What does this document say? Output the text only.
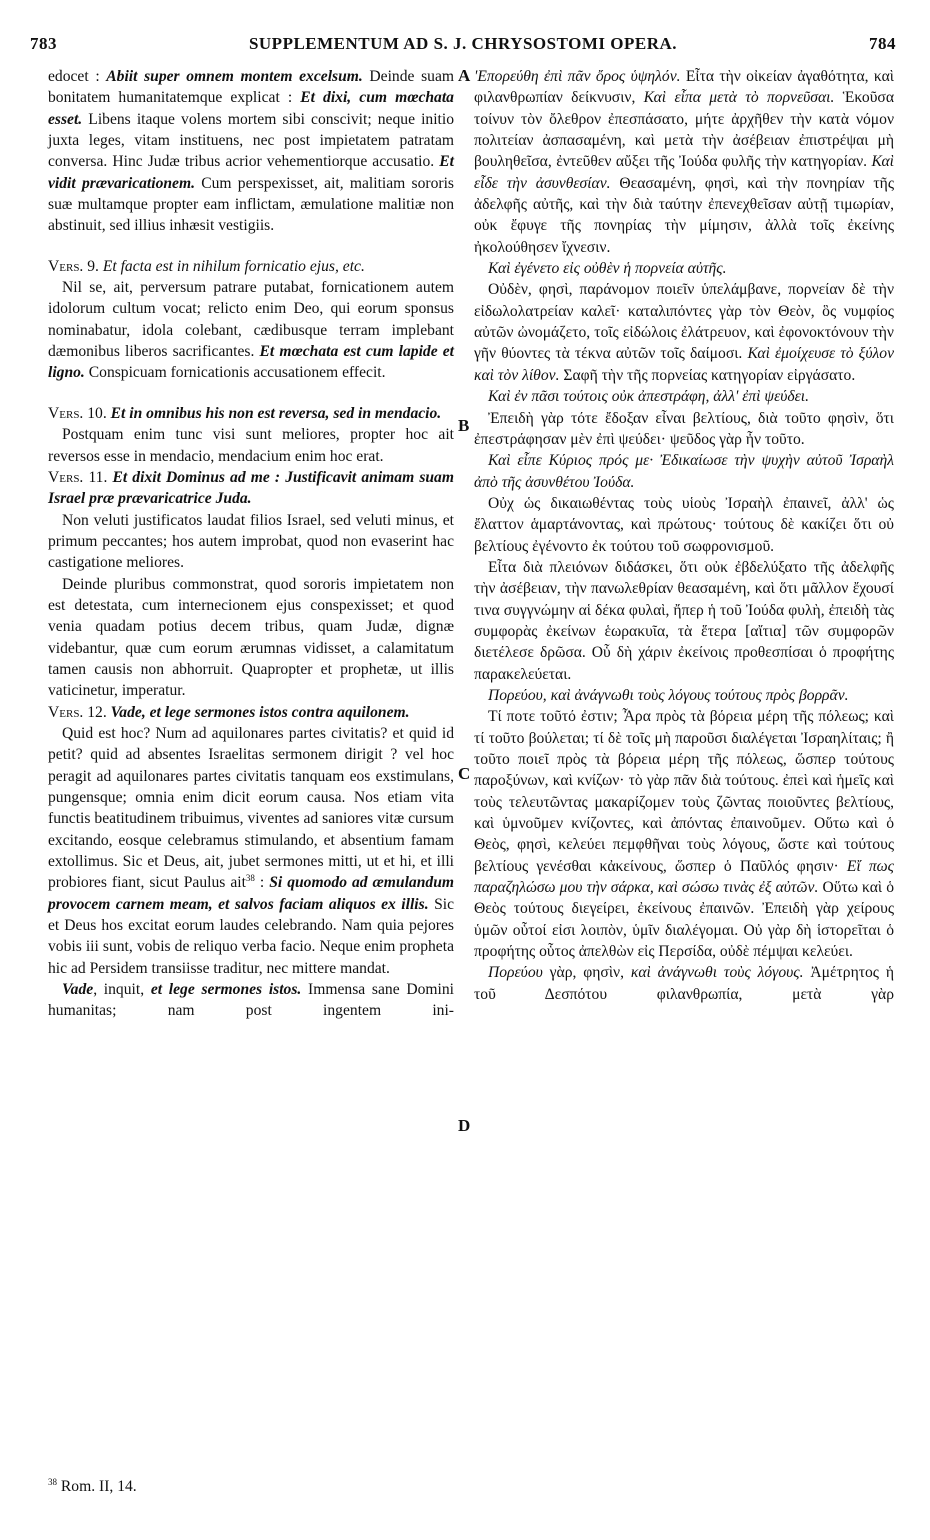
783	SUPPLEMENTUM AD S. J. CHRYSOSTOMI OPERA.	784
A
B
C
D

edocet : Abiit super omnem montem excelsum. Deinde suam bonitatem humanitatemque explicat : Et dixi, cum mœchata esset. Libens itaque volens mortem sibi conscivit; neque initio juxta leges, vitam instituens, nec post impietatem patratam conversa. Hinc Judæ tribus acrior vehementiorque accusatio. Et vidit prævaricationem. Cum perspexisset, ait, malitiam sororis suæ multamque propter eam inflictam, æmulatione malitiæ non abstinuit, sed illius inhæsit vestigiis.

Vers. 9. Et facta est in nihilum fornicatio ejus, etc.

Nil se, ait, perversum patrare putabat, fornicationem autem idolorum cultum vocat; relicto enim Deo, qui eorum sponsus nominabatur, idola colebant, cædibusque terram implebant dæmonibus liberos sacrificantes. Et mœchata est cum lapide et ligno. Conspicuam fornicationis accusationem effecit.

Vers. 10. Et in omnibus his non est reversa, sed in mendacio.

Postquam enim tunc visi sunt meliores, propter hoc ait reversos esse in mendacio, mendacium enim hoc erat.

Vers. 11. Et dixit Dominus ad me : Justificavit animam suam Israel præ prævaricatrice Juda.

Non veluti justificatos laudat filios Israel, sed veluti minus, et primum peccantes; hos autem improbat, quod non evaserint hac castigatione meliores.

Deinde pluribus commonstrat, quod sororis impietatem non est detestata, cum internecionem ejus conspexisset; et quod venia quadam potius decem tribus, quam Judæ, dignæ videbantur, quæ cum eorum ærumnas vidisset, a calamitatum tamen causis non abhorruit. Quapropter et prophetæ, ut illis vaticinetur, imperatur.

Vers. 12. Vade, et lege sermones istos contra aquilonem.

Quid est hoc? Num ad aquilonares partes civitatis? et quid id petit? quid ad absentes Israelitas sermonem dirigit ? vel hoc peragit ad aquilonares partes civitatis tanquam eos exstimulans, pungensque; omnia enim dicit eorum causa. Nos etiam vita functis beatitudinem tribuimus, viventes ad saniores vitæ cursum excitando, eosque celebramus stimulando, et absentium famam extollimus. Sic et Deus, ait, jubet sermones mitti, ut et hi, et illi probiores fiant, sicut Paulus ait$^{38}$ : Si quomodo ad æmulandum provocem carnem meam, et salvos faciam aliquos ex illis. Sic et Deus hos excitat eorum laudes celebrando. Nam quia pejores vobis iii sunt, vobis de reliquo verba facio. Neque enim propheta hic ad Persidem transiisse traditur, nec mittere mandat.

Vade, inquit, et lege sermones istos. Immensa sane Domini humanitas; nam post ingentem ini-

'Επορεύθη ἐπὶ πᾶν ὄρος ὑψηλόν. Εἶτα τὴν οἰκείαν ἀγαθότητα, καὶ φιλανθρωπίαν δείκνυσιν, Καὶ εἶπα μετὰ τὸ πορνεῦσαι. Ἑκοῦσα τοίνυν τὸν ὄλεθρον ἐπεσπάσατο, μήτε ἀρχῆθεν τὴν κατὰ νόμον πολιτείαν ἀσπασαμένη, καὶ μετὰ τὴν ἀσέβειαν ἐπιστρέψαι μὴ βουληθεῖσα, ἐντεῦθεν αὔξει τῆς Ἰούδα φυλῆς τὴν κατηγορίαν. Καὶ εἶδε τὴν ἀσυνθεσίαν. Θεασαμένη, φησὶ, καὶ τὴν πονηρίαν τῆς ἀδελφῆς αὐτῆς, καὶ τὴν διὰ ταύτην ἐπενεχθεῖσαν αὐτῇ τιμωρίαν, οὐκ ἔφυγε τῆς πονηρίας τὴν μίμησιν, ἀλλὰ τοῖς ἐκείνης ἠκολούθησεν ἴχνεσιν.

Καὶ ἐγένετο εἰς οὐθὲν ἡ πορνεία αὐτῆς.

Οὐδὲν, φησὶ, παράνομον ποιεῖν ὑπελάμβανε, πορνείαν δὲ τὴν εἰδωλολατρείαν καλεῖ· καταλιπόντες γὰρ τὸν Θεὸν, ὃς νυμφίος αὐτῶν ὠνομάζετο, τοῖς εἰδώλοις ἐλάτρευον, καὶ ἐφονοκτόνουν τὴν γῆν θύοντες τὰ τέκνα αὐτῶν τοῖς δαίμοσι. Καὶ ἐμοίχευσε τὸ ξύλον καὶ τὸν λίθον. Σαφῆ τὴν τῆς πορνείας κατηγορίαν εἰργάσατο.

Καὶ ἐν πᾶσι τούτοις οὐκ ἀπεστράφη, ἀλλ' ἐπὶ ψεύδει.

Ἐπειδὴ γὰρ τότε ἔδοξαν εἶναι βελτίους, διὰ τοῦτο φησὶν, ὅτι ἐπεστράφησαν μὲν ἐπὶ ψεύδει· ψεῦδος γὰρ ἦν τοῦτο.

Καὶ εἶπε Κύριος πρός με· Ἐδικαίωσε τὴν ψυχὴν αὐτοῦ Ἰσραὴλ ἀπὸ τῆς ἀσυνθέτου Ἰούδα.

Οὐχ ὡς δικαιωθέντας τοὺς υἱοὺς Ἰσραὴλ ἐπαινεῖ, ἀλλ' ὡς ἔλαττον ἁμαρτάνοντας, καὶ πρώτους· τούτους δὲ κακίζει ὅτι οὐ βελτίους ἐγένοντο ἐκ τούτου τοῦ σωφρονισμοῦ.

Εἶτα διὰ πλειόνων διδάσκει, ὅτι οὐκ ἐβδελύξατο τῆς ἀδελφῆς τὴν ἀσέβειαν, τὴν πανωλεθρίαν θεασαμένη, καὶ ὅτι μᾶλλον ἔχουσί τινα συγγνώμην αἱ δέκα φυλαὶ, ἤπερ ἡ τοῦ Ἰούδα φυλὴ, ἐπειδὴ τὰς συμφορὰς ἐκείνων ἑωρακυῖα, τὰ ἕτερα [αἴτια] τῶν συμφορῶν διετέλεσε δρῶσα. Οὗ δὴ χάριν ἐκείνοις προθεσπίσαι ὁ προφήτης παρακελεύεται.

Πορεύου, καὶ ἀνάγνωθι τοὺς λόγους τούτους πρὸς βορρᾶν.

Τί ποτε τοῦτό ἐστιν; Ἆρα πρὸς τὰ βόρεια μέρη τῆς πόλεως; καὶ τί τοῦτο βούλεται; τί δὲ τοῖς μὴ παροῦσι διαλέγεται Ἰσραηλίταις; ἢ τοῦτο ποιεῖ πρὸς τὰ βόρεια μέρη τῆς πόλεως, ὥσπερ τούτους παροξύνων, καὶ κνίζων· τὸ γὰρ πᾶν διὰ τούτους. ἐπεὶ καὶ ἡμεῖς καὶ τοὺς τελευτῶντας μακαρίζομεν τοὺς ζῶντας ποιοῦντες βελτίους, καὶ ὑμνοῦμεν κνίζοντες, καὶ ἀπόντας ἐπαινοῦμεν. Οὕτω καὶ ὁ Θεὸς, φησὶ, κελεύει πεμφθῆναι τοὺς λόγους, ὥστε καὶ τούτους βελτίους γενέσθαι κἀκείνους, ὥσπερ ὁ Παῦλός φησιν· Εἴ πως παραζηλώσω μου τὴν σάρκα, καὶ σώσω τινὰς ἐξ αὐτῶν. Οὕτω καὶ ὁ Θεὸς τούτους διεγείρει, ἐκείνους ἐπαινῶν. Ἐπειδὴ γὰρ χείρους ὑμῶν οὗτοί εἰσι λοιπὸν, ὑμῖν διαλέγομαι. Οὐ γὰρ δὴ ἱστορεῖται ὁ προφήτης οὗτος ἀπελθὼν εἰς Περσίδα, οὐδὲ πέμψαι κελεύει.

Πορεύου γὰρ, φησὶν, καὶ ἀνάγνωθι τοὺς λόγους. Ἀμέτρητος ἡ τοῦ Δεσπότου φιλανθρωπία, μετὰ γὰρ

$^{38}$ Rom. II, 14.
